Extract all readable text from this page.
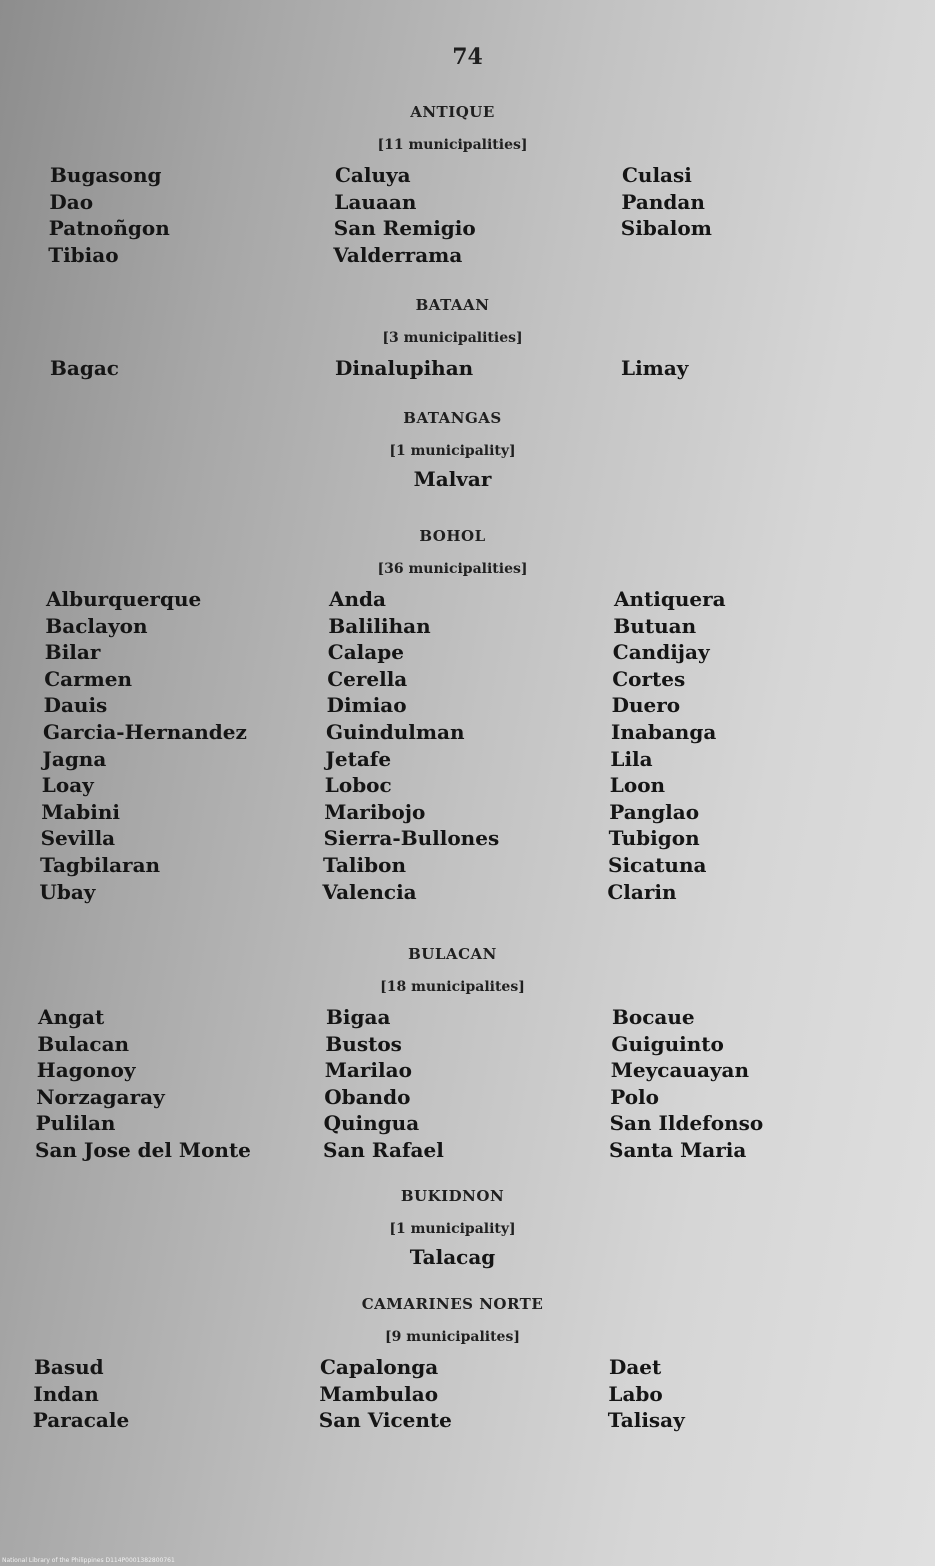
74
ANTIQUE
[11 municipalities]
Bugasong	Caluya	Culasi
Dao	Lauaan	Pandan
Patnoñgon	San Remigio	Sibalom
Tibiao	Valderrama
BATAAN
[3 municipalities]
Bagac	Dinalupihan	Limay
BATANGAS
[1 municipality]
Malvar
BOHOL
[36 municipalities]
Alburquerque	Anda	Antiquera
Baclayon	Balilihan	Butuan
Bilar	Calape	Candijay
Carmen	Cerella	Cortes
Dauis	Dimiao	Duero
Garcia-Hernandez	Guindulman	Inabanga
Jagna	Jetafe	Lila
Loay	Loboc	Loon
Mabini	Maribojo	Panglao
Sevilla	Sierra-Bullones	Tubigon
Tagbilaran	Talibon	Sicatuna
Ubay	Valencia	Clarin
BULACAN
[18 municipalites]
Angat	Bigaa	Bocaue
Bulacan	Bustos	Guiguinto
Hagonoy	Marilao	Meycauayan
Norzagaray	Obando	Polo
Pulilan	Quingua	San Ildefonso
San Jose del Monte	San Rafael	Santa Maria
BUKIDNON
[1 municipality]
Talacag
CAMARINES NORTE
[9 municipalites]
Basud	Capalonga	Daet
Indan	Mambulao	Labo
Paracale	San Vicente	Talisay
National Library of the Philippines D114P0001382800761
